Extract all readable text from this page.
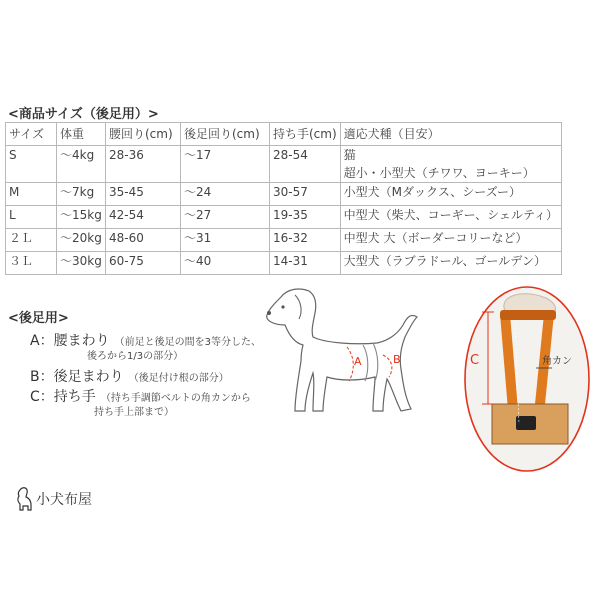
<商品サイズ（後足用）>
サイズ	体重	腰回り(cm)	後足回り(cm)	持ち手(cm)	適応犬種（目安）
S	～4kg	28-36	～17	28-54	猫
超小・小型犬（チワワ、ヨーキー）

M	～7kg	35-45	～24	30-57	小型犬（Mダックス、シーズー）
L	～15kg	42-54	～27	19-35	中型犬（柴犬、コーギー、シェルティ）
２Ｌ	～20kg	48-60	～31	16-32	中型犬 大（ボーダーコリーなど）
３Ｌ	～30kg	60-75	～40	14-31	大型犬（ラブラドール、ゴールデン）
<後足用>
A：腰まわり （前足と後足の間を3等分した、
後ろから1/3の部分）
B：後足まわり （後足付け根の部分）
C：持ち手 （持ち手調節ベルトの角カンから
持ち手上部まで）
A	B	C	角カン
小犬布屋
